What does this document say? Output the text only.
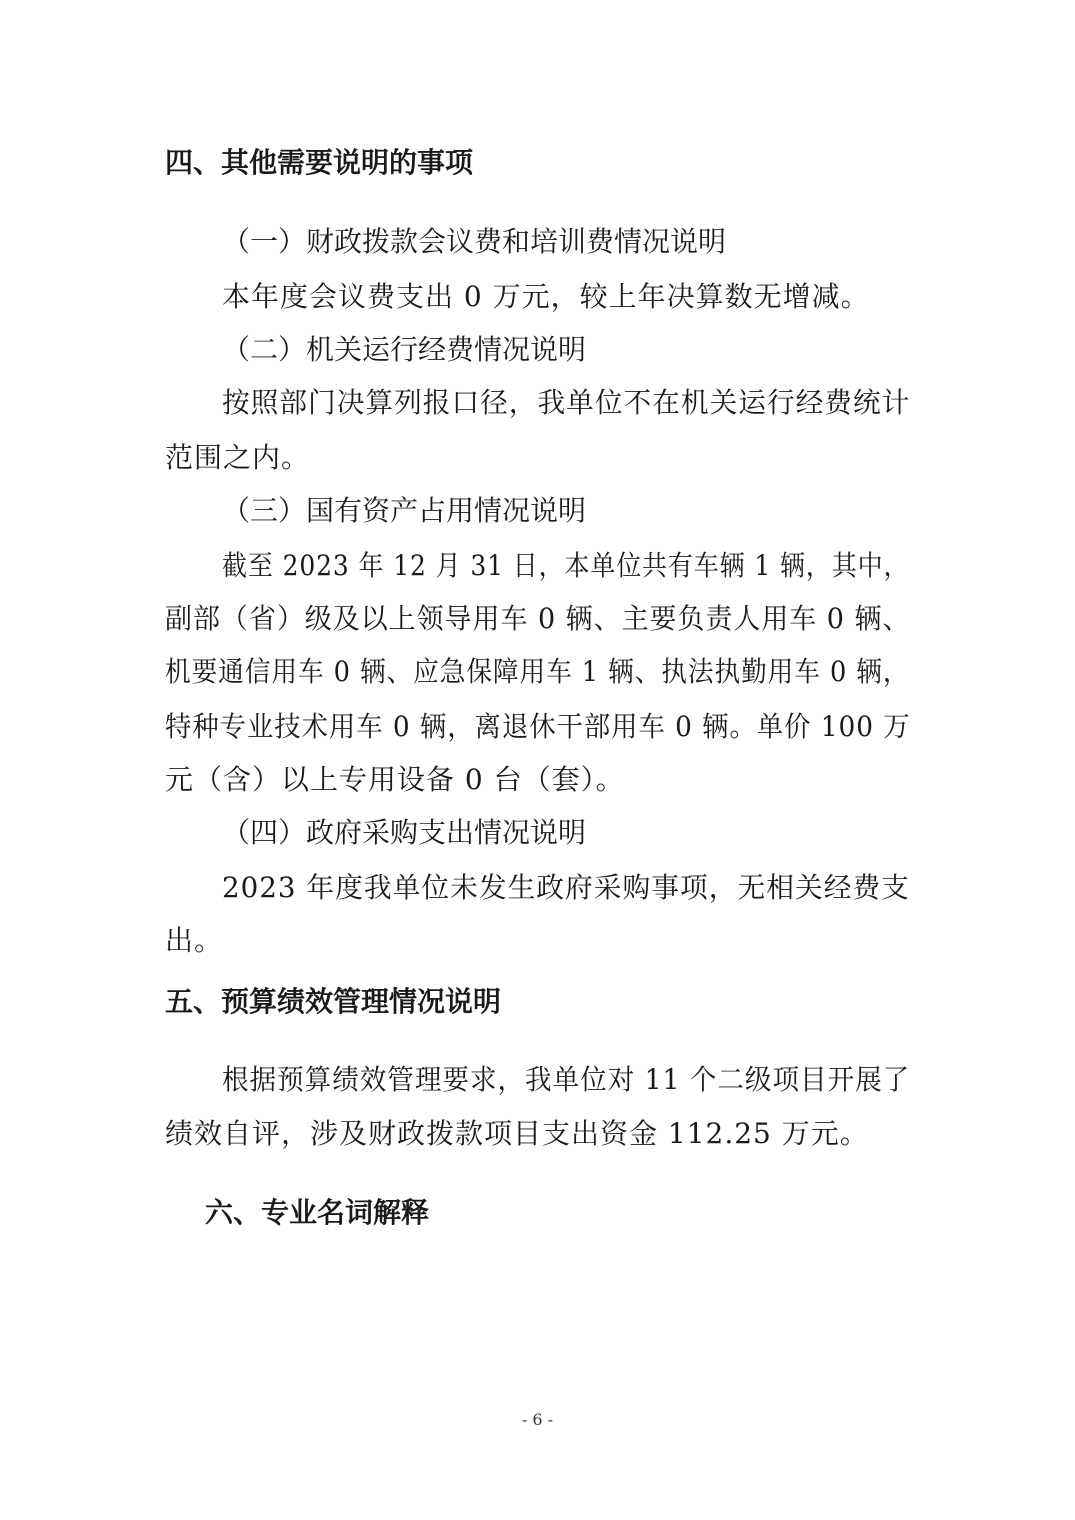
四、其他需要说明的事项
（一）财政拨款会议费和培训费情况说明
本年度会议费支出 0 万元，较上年决算数无增减。
（二）机关运行经费情况说明
按照部门决算列报口径，我单位不在机关运行经费统计
范围之内。
（三）国有资产占用情况说明
截至 2023 年 12 月 31 日，本单位共有车辆 1 辆，其中，
副部（省）级及以上领导用车 0 辆、主要负责人用车 0 辆、
机要通信用车 0 辆、应急保障用车 1 辆、执法执勤用车 0 辆，
特种专业技术用车 0 辆，离退休干部用车 0 辆。单价 100 万
元（含）以上专用设备 0 台（套）。
（四）政府采购支出情况说明
2023 年度我单位未发生政府采购事项，无相关经费支
出。
五、预算绩效管理情况说明
根据预算绩效管理要求，我单位对 11 个二级项目开展了
绩效自评，涉及财政拨款项目支出资金 112.25 万元。
六、专业名词解释
- 6 -
